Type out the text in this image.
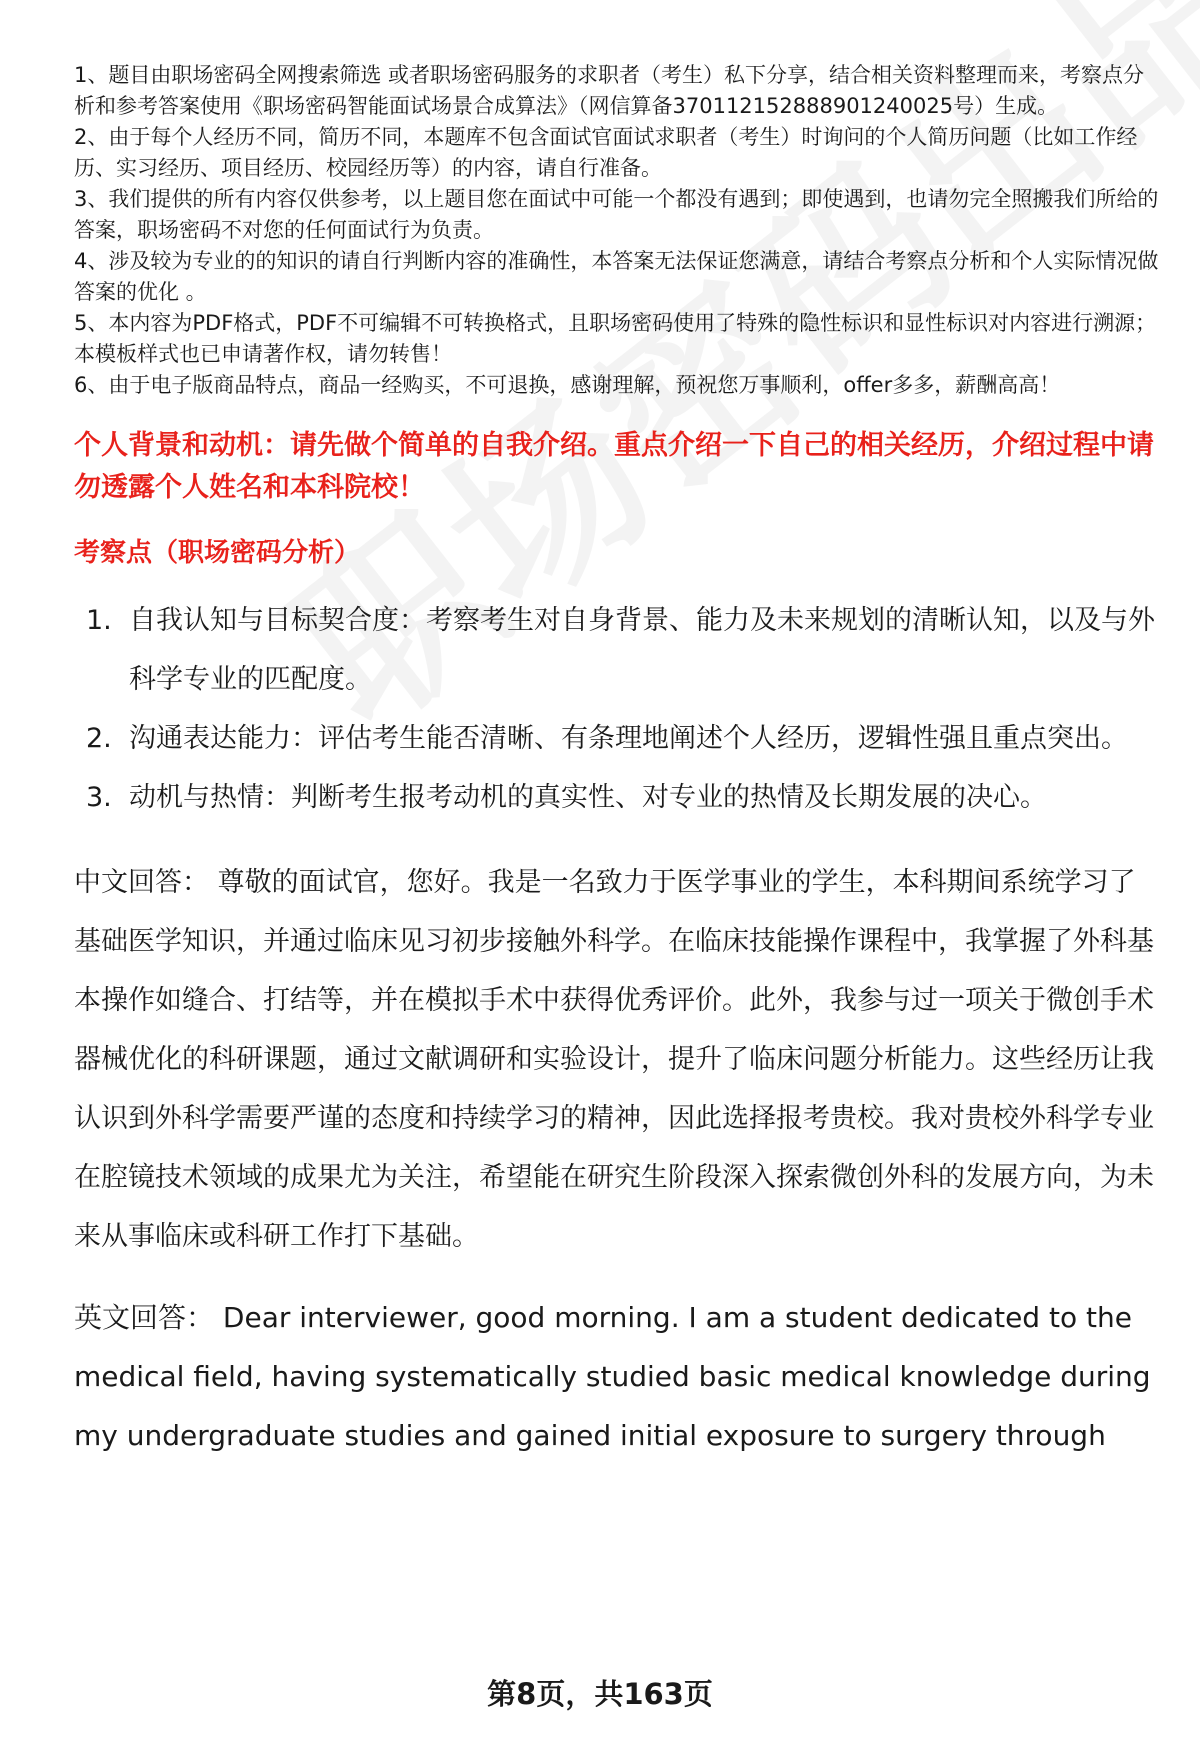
1、题目由职场密码全网搜索筛选 或者职场密码服务的求职者（考生）私下分享，结合相关资料整理而来，考察点分析和参考答案使用《职场密码智能面试场景合成算法》（网信算备370112152888901240025号）生成。

2、由于每个人经历不同，简历不同，本题库不包含面试官面试求职者（考生）时询问的个人简历问题（比如工作经历、实习经历、项目经历、校园经历等）的内容，请自行准备。

3、我们提供的所有内容仅供参考，以上题目您在面试中可能一个都没有遇到；即使遇到，也请勿完全照搬我们所给的答案，职场密码不对您的任何面试行为负责。

4、涉及较为专业的的知识的请自行判断内容的准确性，本答案无法保证您满意，请结合考察点分析和个人实际情况做答案的优化 。

5、本内容为PDF格式，PDF不可编辑不可转换格式，且职场密码使用了特殊的隐性标识和显性标识对内容进行溯源；本模板样式也已申请著作权，请勿转售！

6、由于电子版商品特点，商品一经购买，不可退换，感谢理解，预祝您万事顺利，offer多多，薪酬高高！

个人背景和动机：请先做个简单的自我介绍。重点介绍一下自己的相关经历，介绍过程中请勿透露个人姓名和本科院校！

考察点（职场密码分析）

1. 自我认知与目标契合度：考察考生对自身背景、能力及未来规划的清晰认知，以及与外科学专业的匹配度。
2. 沟通表达能力：评估考生能否清晰、有条理地阐述个人经历，逻辑性强且重点突出。
3. 动机与热情：判断考生报考动机的真实性、对专业的热情及长期发展的决心。

中文回答： 尊敬的面试官，您好。我是一名致力于医学事业的学生，本科期间系统学习了基础医学知识，并通过临床见习初步接触外科学。在临床技能操作课程中，我掌握了外科基本操作如缝合、打结等，并在模拟手术中获得优秀评价。此外，我参与过一项关于微创手术器械优化的科研课题，通过文献调研和实验设计，提升了临床问题分析能力。这些经历让我认识到外科学需要严谨的态度和持续学习的精神，因此选择报考贵校。我对贵校外科学专业在腔镜技术领域的成果尤为关注，希望能在研究生阶段深入探索微创外科的发展方向，为未来从事临床或科研工作打下基础。

英文回答： Dear interviewer, good morning. I am a student dedicated to the medical field, having systematically studied basic medical knowledge during my undergraduate studies and gained initial exposure to surgery through

第8页，共163页
